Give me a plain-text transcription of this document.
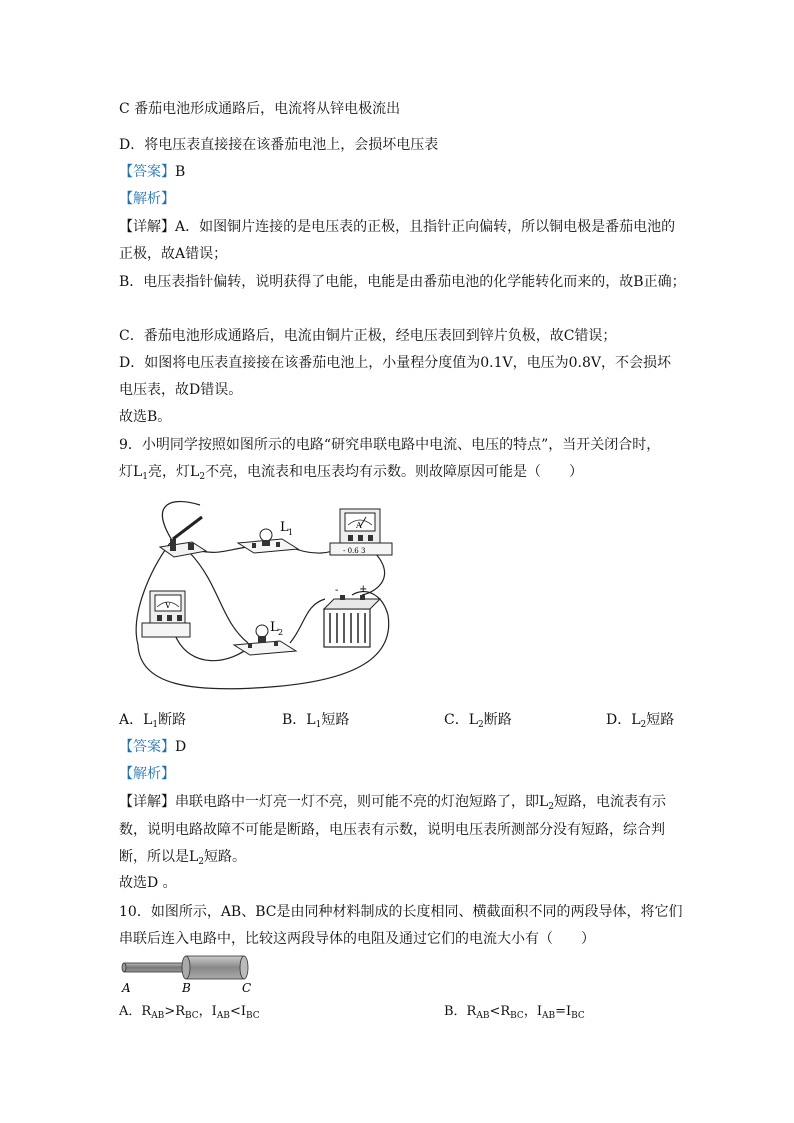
C 番茄电池形成通路后，电流将从锌电极流出
D．将电压表直接接在该番茄电池上，会损坏电压表
【答案】B
【解析】
【详解】A．如图铜片连接的是电压表的正极，且指针正向偏转，所以铜电极是番茄电池的
正极，故A错误；
B．电压表指针偏转，说明获得了电能，电能是由番茄电池的化学能转化而来的，故B正确；
C．番茄电池形成通路后，电流由铜片正极，经电压表回到锌片负极，故C错误；
D．如图将电压表直接接在该番茄电池上，小量程分度值为0.1V，电压为0.8V，不会损坏
电压表，故D错误。
故选B。
9．小明同学按照如图所示的电路“研究串联电路中电流、电压的特点”，当开关闭合时，
灯$L_1$亮，灯$L_2$不亮，电流表和电压表均有示数。则故障原因可能是（　　）
L 1
A
- 0.6 3
V
L 2
+
-
A．$L_1$断路	B．$L_1$短路	C．$L_2$断路	D．$L_2$短路
【答案】D
【解析】
【详解】串联电路中一灯亮一灯不亮，则可能不亮的灯泡短路了，即$L_2$短路，电流表有示
数，说明电路故障不可能是断路，电压表有示数，说明电压表所测部分没有短路，综合判
断，所以是$L_2$短路。
故选D 。
10．如图所示，AB、BC是由同种材料制成的长度相同、横截面积不同的两段导体，将它们
串联后连入电路中，比较这两段导体的电阻及通过它们的电流大小有（　　）
A	B	C
A．$R_{AB}>R_{BC}$，$I_{AB}<I_{BC}$	B．$R_{AB}<R_{BC}$，$I_{AB}=I_{BC}$
